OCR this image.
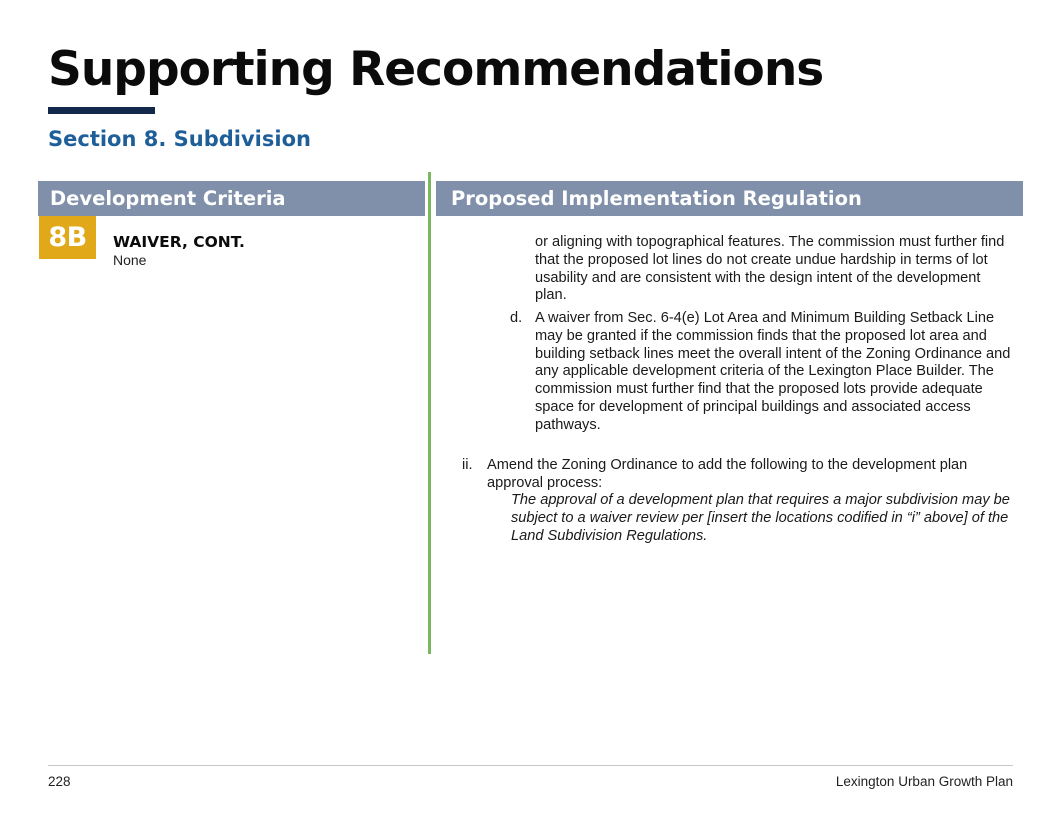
Supporting Recommendations
Section 8. Subdivision
Development Criteria	Proposed Implementation Regulation
8B	WAIVER, CONT.
None

or aligning with topographical features. The commission must further find that the proposed lot lines do not create undue hardship in terms of lot usability and are consistent with the design intent of the development plan.

d. A waiver from Sec. 6-4(e) Lot Area and Minimum Building Setback Line may be granted if the commission finds that the proposed lot area and building setback lines meet the overall intent of the Zoning Ordinance and any applicable development criteria of the Lexington Place Builder. The commission must further find that the proposed lots provide adequate space for development of principal buildings and associated access pathways.

ii. Amend the Zoning Ordinance to add the following to the development plan approval process:

The approval of a development plan that requires a major subdivision may be subject to a waiver review per [insert the locations codified in “i” above] of the Land Subdivision Regulations.

228	Lexington Urban Growth Plan
